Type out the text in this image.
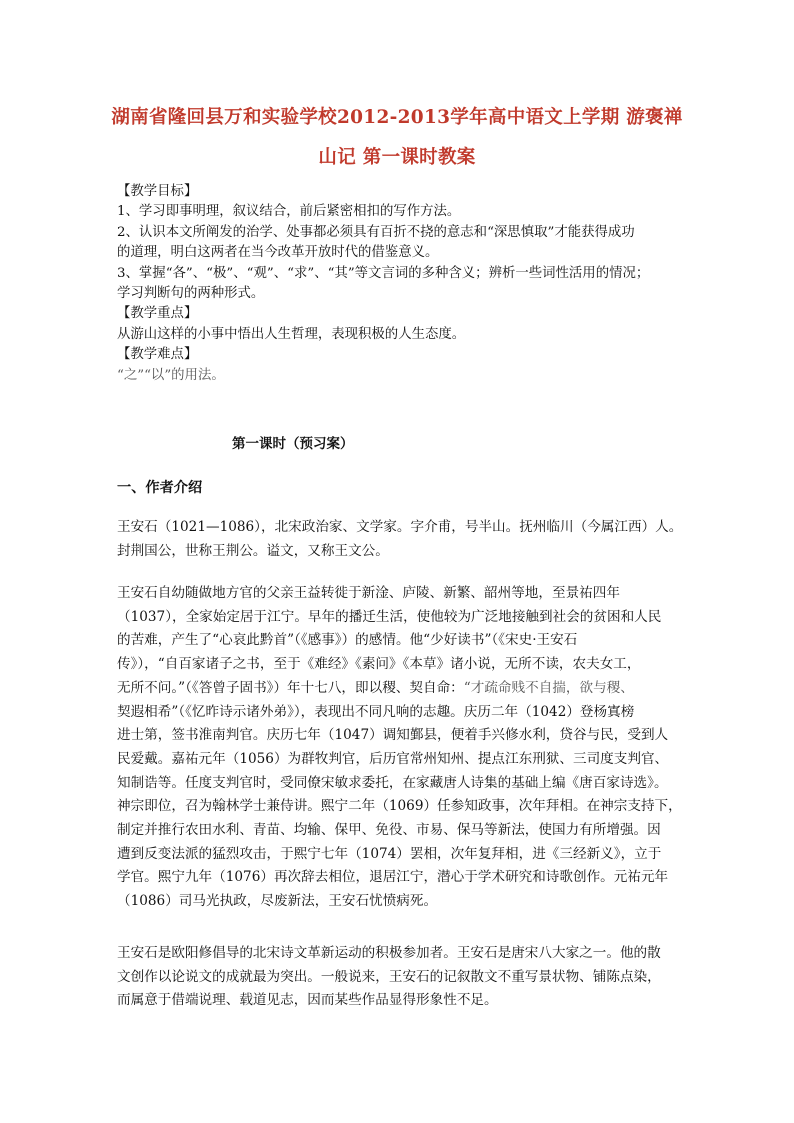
湖南省隆回县万和实验学校2012-2013学年高中语文上学期 游褒禅
山记 第一课时教案
【教学目标】
1、学习即事明理，叙议结合，前后紧密相扣的写作方法。
2、认识本文所阐发的治学、处事都必须具有百折不挠的意志和“深思慎取”才能获得成功
的道理，明白这两者在当今改革开放时代的借鉴意义。
3、掌握“各”、“极”、“观”、“求”、“其”等文言词的多种含义；辨析一些词性活用的情况；
学习判断句的两种形式。
【教学重点】
从游山这样的小事中悟出人生哲理，表现积极的人生态度。
【教学难点】
“之”“以”的用法。
第一课时（预习案）
一、作者介绍
王安石（1021—1086），北宋政治家、文学家。字介甫，号半山。抚州临川（今属江西）人。
封荆国公，世称王荆公。谥文，又称王文公。
王安石自幼随做地方官的父亲王益转徙于新淦、庐陵、新繁、韶州等地，至景祐四年
（1037），全家始定居于江宁。早年的播迁生活，使他较为广泛地接触到社会的贫困和人民
的苦难，产生了“心哀此黔首”（《感事》）的感情。他“少好读书”（《宋史·王安石
传》），“自百家诸子之书，至于《难经》《素问》《本草》诸小说，无所不读，农夫女工，
无所不问。”（《答曾子固书》）年十七八，即以稷、契自命：“才疏命贱不自揣，欲与稷、
契遐相希”（《忆昨诗示诸外弟》），表现出不同凡响的志趣。庆历二年（1042）登杨寘榜
进士第，签书淮南判官。庆历七年（1047）调知鄞县，便着手兴修水利，贷谷与民，受到人
民爱戴。嘉祐元年（1056）为群牧判官，后历官常州知州、提点江东刑狱、三司度支判官、
知制诰等。任度支判官时，受同僚宋敏求委托，在家藏唐人诗集的基础上编《唐百家诗选》。
神宗即位，召为翰林学士兼侍讲。熙宁二年（1069）任参知政事，次年拜相。在神宗支持下，
制定并推行农田水利、青苗、均输、保甲、免役、市易、保马等新法，使国力有所增强。因
遭到反变法派的猛烈攻击，于熙宁七年（1074）罢相，次年复拜相，进《三经新义》，立于
学官。熙宁九年（1076）再次辞去相位，退居江宁，潜心于学术研究和诗歌创作。元祐元年
（1086）司马光执政，尽废新法，王安石忧愤病死。
王安石是欧阳修倡导的北宋诗文革新运动的积极参加者。王安石是唐宋八大家之一。他的散
文创作以论说文的成就最为突出。一般说来，王安石的记叙散文不重写景状物、铺陈点染，
而属意于借端说理、载道见志，因而某些作品显得形象性不足。
